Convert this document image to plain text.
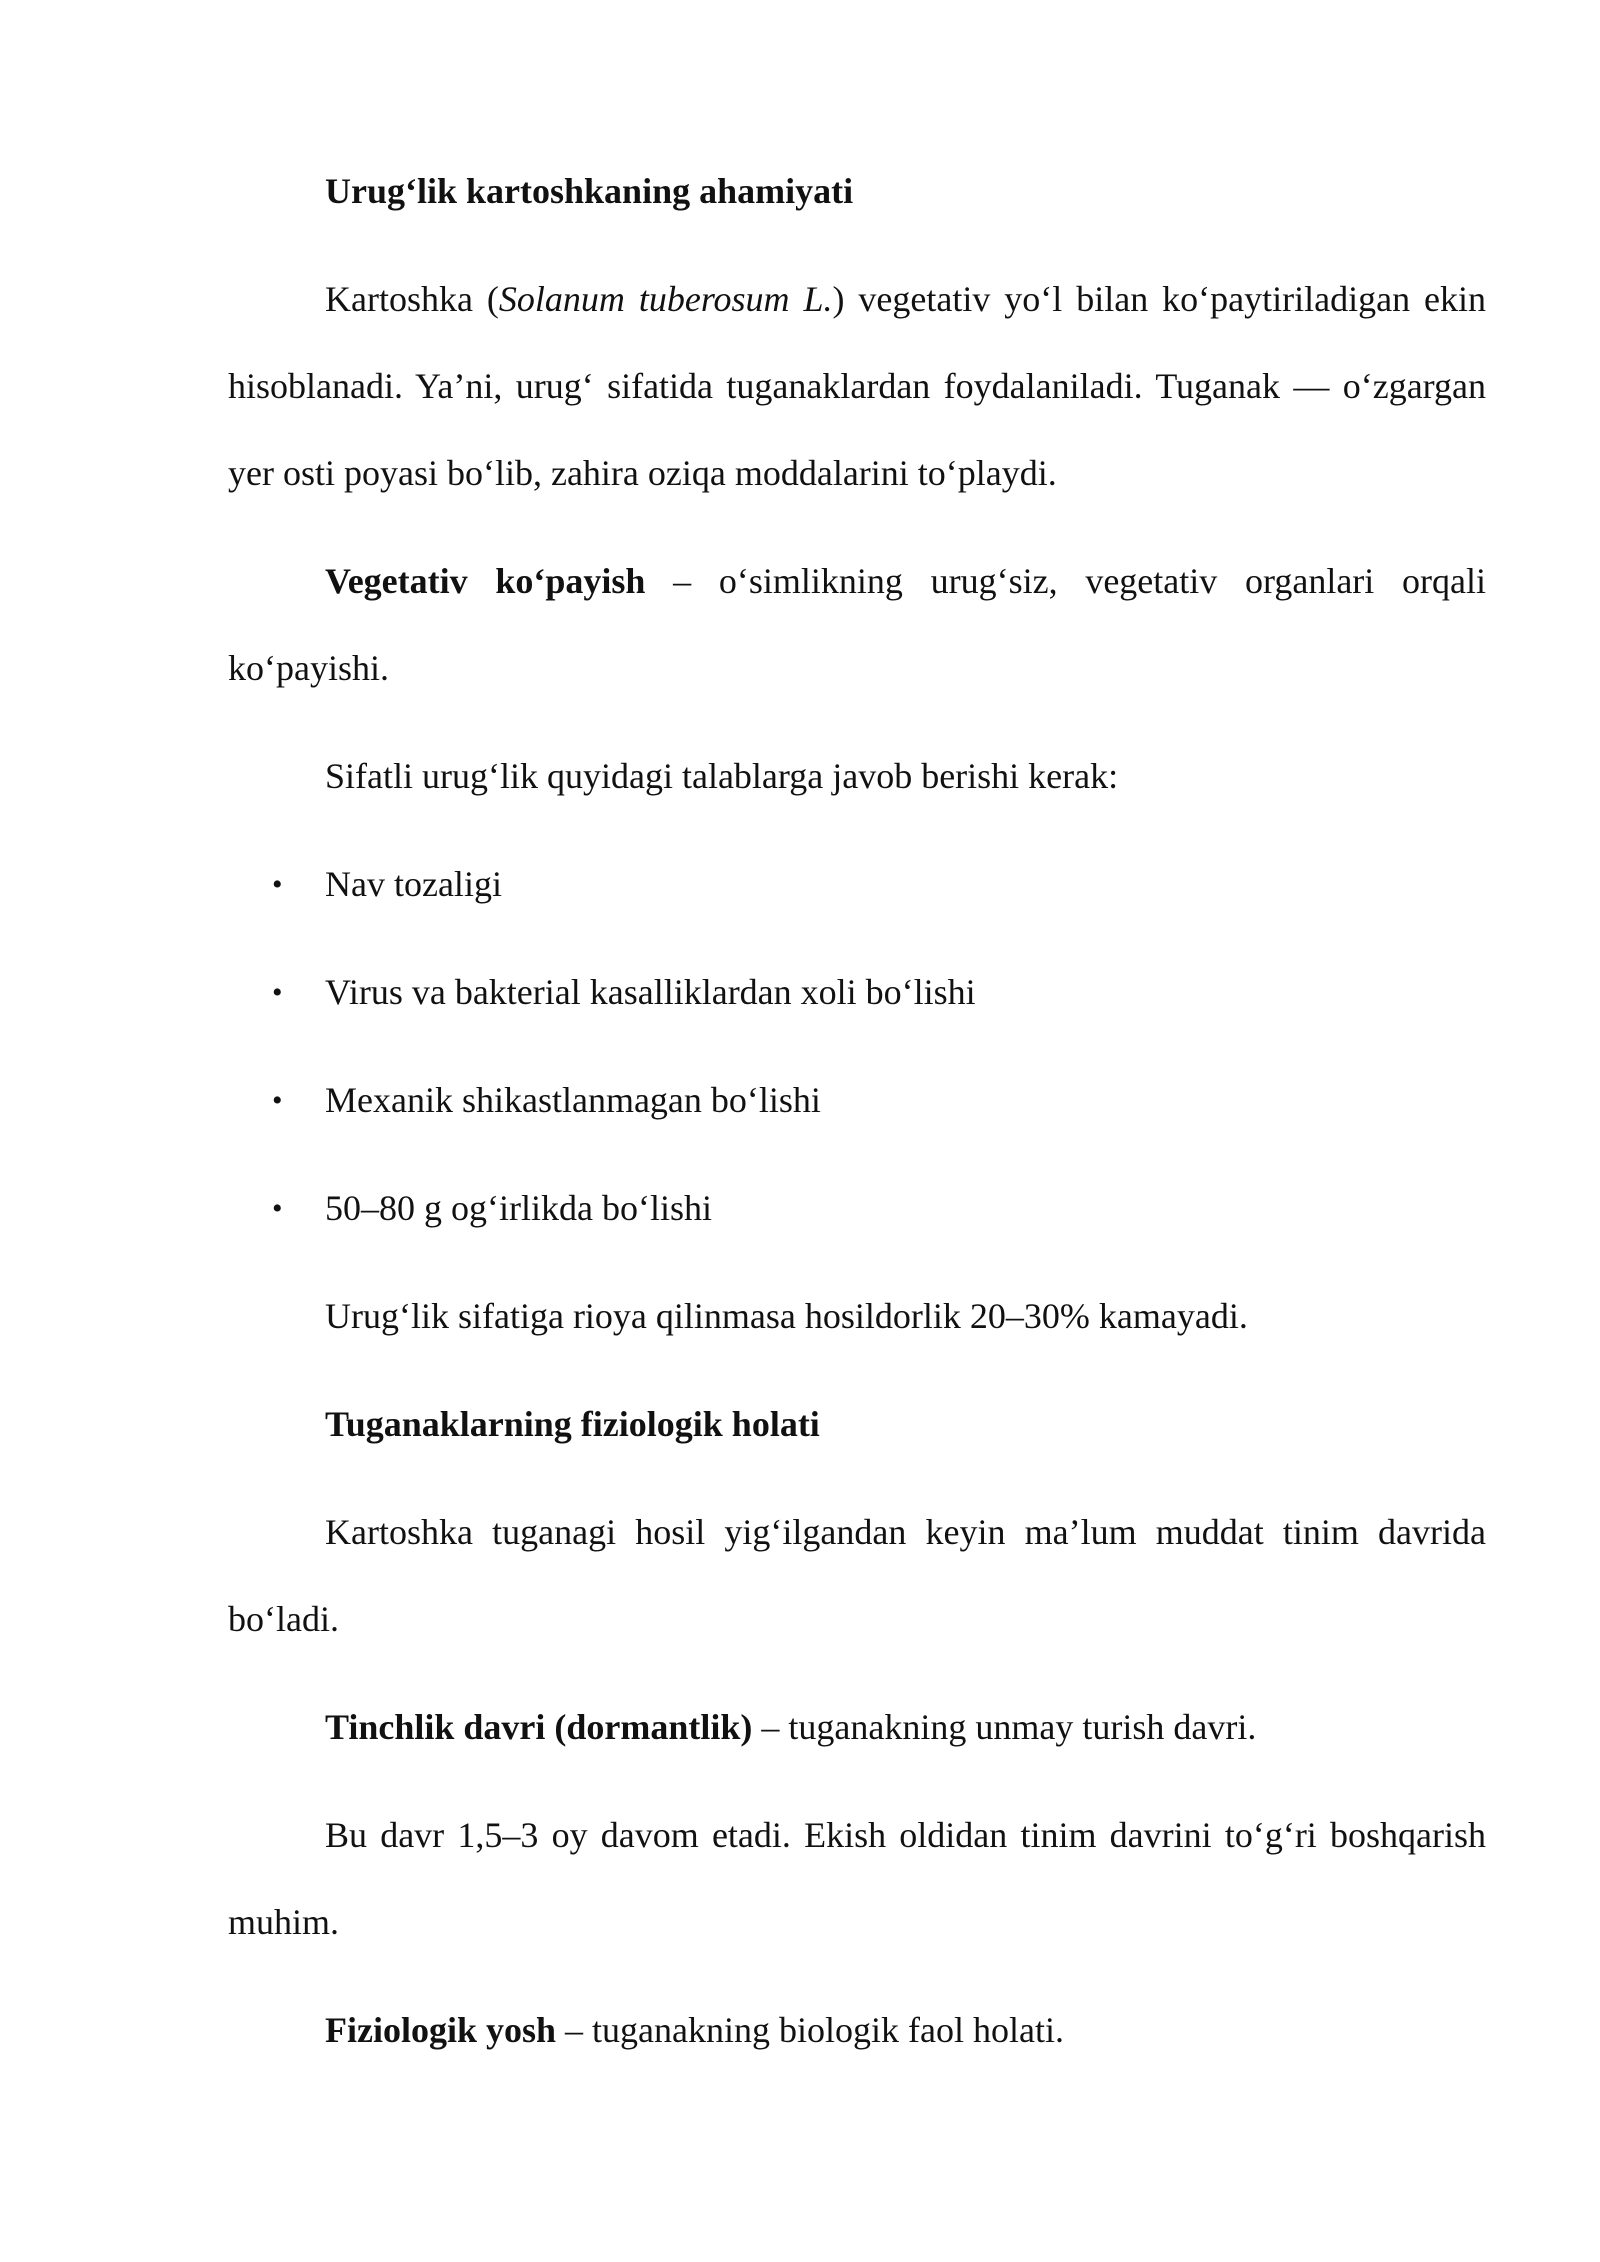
Urug‘lik kartoshkaning ahamiyati

Kartoshka (Solanum tuberosum L.) vegetativ yo‘l bilan ko‘paytiriladigan ekin hisoblanadi. Ya’ni, urug‘ sifatida tuganaklardan foydalaniladi. Tuganak — o‘zgargan yer osti poyasi bo‘lib, zahira oziqa moddalarini to‘playdi.

Vegetativ ko‘payish – o‘simlikning urug‘siz, vegetativ organlari orqali ko‘payishi.

Sifatli urug‘lik quyidagi talablarga javob berishi kerak:

• Nav tozaligi
• Virus va bakterial kasalliklardan xoli bo‘lishi
• Mexanik shikastlanmagan bo‘lishi
• 50–80 g og‘irlikda bo‘lishi

Urug‘lik sifatiga rioya qilinmasa hosildorlik 20–30% kamayadi.

Tuganaklarning fiziologik holati

Kartoshka tuganagi hosil yig‘ilgandan keyin ma’lum muddat tinim davrida bo‘ladi.

Tinchlik davri (dormantlik) – tuganakning unmay turish davri.

Bu davr 1,5–3 oy davom etadi. Ekish oldidan tinim davrini to‘g‘ri boshqarish muhim.

Fiziologik yosh – tuganakning biologik faol holati.
